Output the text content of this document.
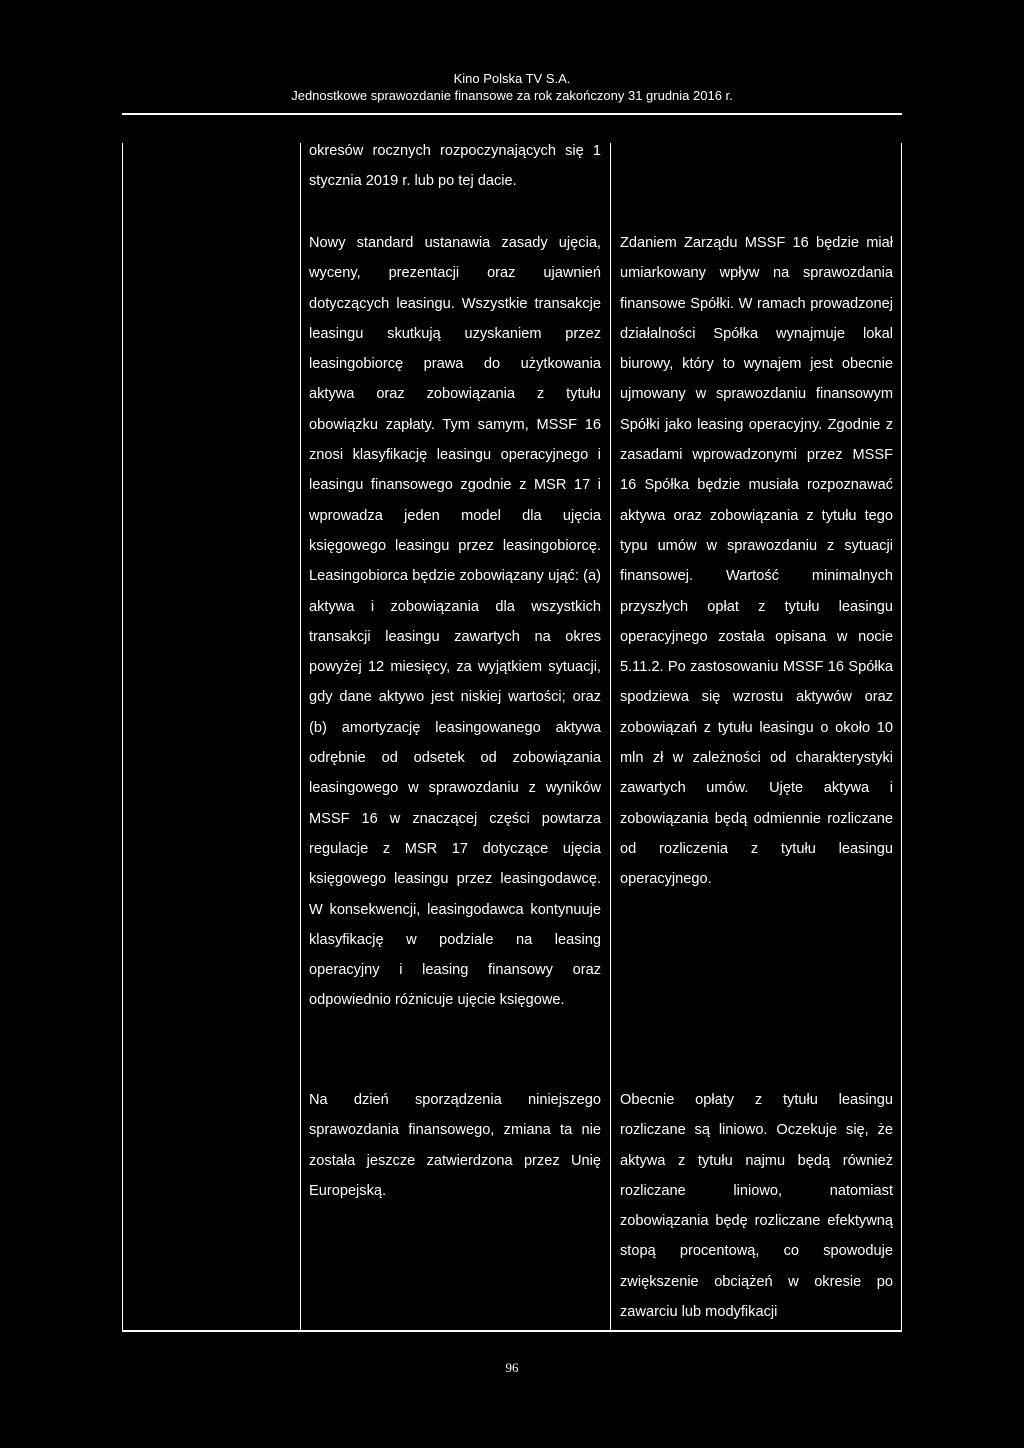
Kino Polska TV S.A.
Jednostkowe sprawozdanie finansowe za rok zakończony 31 grudnia 2016 r.

okresów rocznych rozpoczynających się 1 stycznia 2019 r. lub po tej dacie.

Nowy standard ustanawia zasady ujęcia, wyceny, prezentacji oraz ujawnień dotyczących leasingu. Wszystkie transakcje leasingu skutkują uzyskaniem przez leasingobiorcę prawa do użytkowania aktywa oraz zobowiązania z tytułu obowiązku zapłaty. Tym samym, MSSF 16 znosi klasyfikację leasingu operacyjnego i leasingu finansowego zgodnie z MSR 17 i wprowadza jeden model dla ujęcia księgowego leasingu przez leasingobiorcę. Leasingobiorca będzie zobowiązany ująć: (a) aktywa i zobowiązania dla wszystkich transakcji leasingu zawartych na okres powyżej 12 miesięcy, za wyjątkiem sytuacji, gdy dane aktywo jest niskiej wartości; oraz (b) amortyzację leasingowanego aktywa odrębnie od odsetek od zobowiązania leasingowego w sprawozdaniu z wyników MSSF 16 w znaczącej części powtarza regulacje z MSR 17 dotyczące ujęcia księgowego leasingu przez leasingodawcę. W konsekwencji, leasingodawca kontynuuje klasyfikację w podziale na leasing operacyjny i leasing finansowy oraz odpowiednio różnicuje ujęcie księgowe.

Zdaniem Zarządu MSSF 16 będzie miał umiarkowany wpływ na sprawozdania finansowe Spółki. W ramach prowadzonej działalności Spółka wynajmuje lokal biurowy, który to wynajem jest obecnie ujmowany w sprawozdaniu finansowym Spółki jako leasing operacyjny. Zgodnie z zasadami wprowadzonymi przez MSSF 16 Spółka będzie musiała rozpoznawać aktywa oraz zobowiązania z tytułu tego typu umów w sprawozdaniu z sytuacji finansowej. Wartość minimalnych przyszłych opłat z tytułu leasingu operacyjnego została opisana w nocie 5.11.2. Po zastosowaniu MSSF 16 Spółka spodziewa się wzrostu aktywów oraz zobowiązań z tytułu leasingu o około 10 mln zł w zależności od charakterystyki zawartych umów. Ujęte aktywa i zobowiązania będą odmiennie rozliczane od rozliczenia z tytułu leasingu operacyjnego.

Na dzień sporządzenia niniejszego sprawozdania finansowego, zmiana ta nie została jeszcze zatwierdzona przez Unię Europejską.

Obecnie opłaty z tytułu leasingu rozliczane są liniowo. Oczekuje się, że aktywa z tytułu najmu będą również rozliczane liniowo, natomiast zobowiązania będę rozliczane efektywną stopą procentową, co spowoduje zwiększenie obciążeń w okresie po zawarciu lub modyfikacji

96
